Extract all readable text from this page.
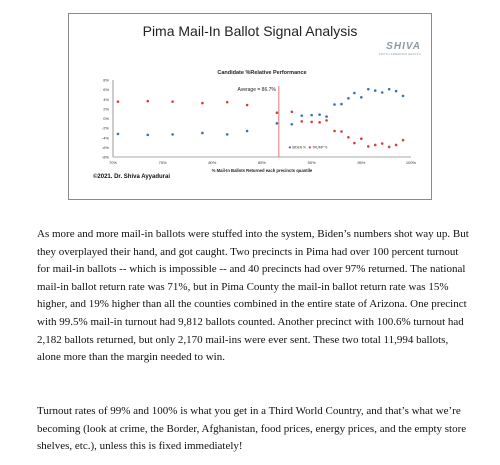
Pima Mail-In Ballot Signal Analysis
SHIVA
TRUTH FREEDOM HEALTH
Candidate %Relative Performance
8%
6%
4%
2%
0%
-2%
-4%
-6%
-8%
70%	75%	80%	85%	90%	95%	100%
% Mail-In Ballots Returned each precincts quantile
Average = 86.7%
BIDEN % TRUMP %
©2021. Dr. Shiva Ayyadurai

As more and more mail-in ballots were stuffed into the system, Biden’s numbers shot way up. But they overplayed their hand, and got caught. Two precincts in Pima had over 100 percent turnout for mail-in ballots -- which is impossible -- and 40 precincts had over 97% returned. The national mail-in ballot return rate was 71%, but in Pima County the mail-in ballot return rate was 15% higher, and 19% higher than all the counties combined in the entire state of Arizona. One precinct with 99.5% mail-in turnout had 9,812 ballots counted. Another precinct with 100.6% turnout had 2,182 ballots returned, but only 2,170 mail-ins were ever sent. These two total 11,994 ballots, alone more than the margin needed to win.

Turnout rates of 99% and 100% is what you get in a Third World Country, and that’s what we’re becoming (look at crime, the Border, Afghanistan, food prices, energy prices, and the empty store shelves, etc.), unless this is fixed immediately!
